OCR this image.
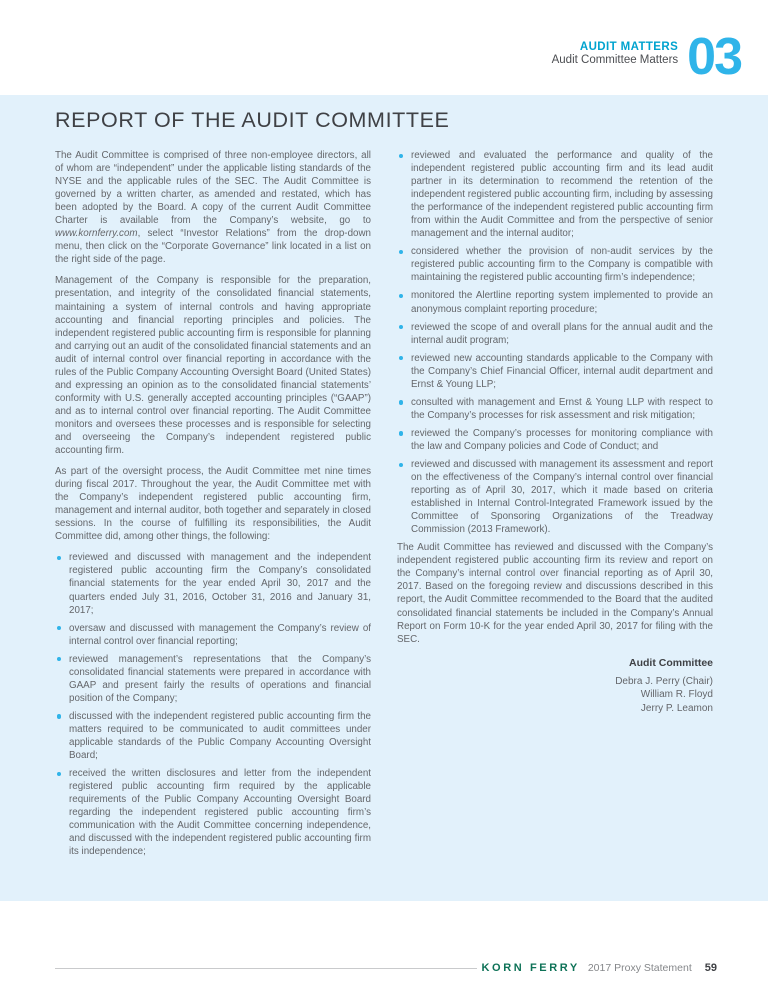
AUDIT MATTERS
Audit Committee Matters 03
REPORT OF THE AUDIT COMMITTEE

The Audit Committee is comprised of three non-employee directors, all of whom are “independent” under the applicable listing standards of the NYSE and the applicable rules of the SEC. The Audit Committee is governed by a written charter, as amended and restated, which has been adopted by the Board. A copy of the current Audit Committee Charter is available from the Company’s website, go to www.kornferry.com, select “Investor Relations” from the drop-down menu, then click on the “Corporate Governance” link located in a list on the right side of the page.

Management of the Company is responsible for the preparation, presentation, and integrity of the consolidated financial statements, maintaining a system of internal controls and having appropriate accounting and financial reporting principles and policies. The independent registered public accounting firm is responsible for planning and carrying out an audit of the consolidated financial statements and an audit of internal control over financial reporting in accordance with the rules of the Public Company Accounting Oversight Board (United States) and expressing an opinion as to the consolidated financial statements’ conformity with U.S. generally accepted accounting principles (“GAAP”) and as to internal control over financial reporting. The Audit Committee monitors and oversees these processes and is responsible for selecting and overseeing the Company’s independent registered public accounting firm.

As part of the oversight process, the Audit Committee met nine times during fiscal 2017. Throughout the year, the Audit Committee met with the Company’s independent registered public accounting firm, management and internal auditor, both together and separately in closed sessions. In the course of fulfilling its responsibilities, the Audit Committee did, among other things, the following:

reviewed and discussed with management and the independent registered public accounting firm the Company’s consolidated financial statements for the year ended April 30, 2017 and the quarters ended July 31, 2016, October 31, 2016 and January 31, 2017;
oversaw and discussed with management the Company’s review of internal control over financial reporting;
reviewed management’s representations that the Company’s consolidated financial statements were prepared in accordance with GAAP and present fairly the results of operations and financial position of the Company;
discussed with the independent registered public accounting firm the matters required to be communicated to audit committees under applicable standards of the Public Company Accounting Oversight Board;
received the written disclosures and letter from the independent registered public accounting firm required by the applicable requirements of the Public Company Accounting Oversight Board regarding the independent registered public accounting firm’s communication with the Audit Committee concerning independence, and discussed with the independent registered public accounting firm its independence;
reviewed and evaluated the performance and quality of the independent registered public accounting firm and its lead audit partner in its determination to recommend the retention of the independent registered public accounting firm, including by assessing the performance of the independent registered public accounting firm from within the Audit Committee and from the perspective of senior management and the internal auditor;
considered whether the provision of non-audit services by the registered public accounting firm to the Company is compatible with maintaining the registered public accounting firm’s independence;
monitored the Alertline reporting system implemented to provide an anonymous complaint reporting procedure;
reviewed the scope of and overall plans for the annual audit and the internal audit program;
reviewed new accounting standards applicable to the Company with the Company’s Chief Financial Officer, internal audit department and Ernst & Young LLP;
consulted with management and Ernst & Young LLP with respect to the Company’s processes for risk assessment and risk mitigation;
reviewed the Company’s processes for monitoring compliance with the law and Company policies and Code of Conduct; and
reviewed and discussed with management its assessment and report on the effectiveness of the Company’s internal control over financial reporting as of April 30, 2017, which it made based on criteria established in Internal Control-Integrated Framework issued by the Committee of Sponsoring Organizations of the Treadway Commission (2013 Framework).

The Audit Committee has reviewed and discussed with the Company’s independent registered public accounting firm its review and report on the Company’s internal control over financial reporting as of April 30, 2017. Based on the foregoing review and discussions described in this report, the Audit Committee recommended to the Board that the audited consolidated financial statements be included in the Company’s Annual Report on Form 10-K for the year ended April 30, 2017 for filing with the SEC.

Audit Committee
Debra J. Perry (Chair)
William R. Floyd
Jerry P. Leamon
KORN FERRY 2017 Proxy Statement 59
